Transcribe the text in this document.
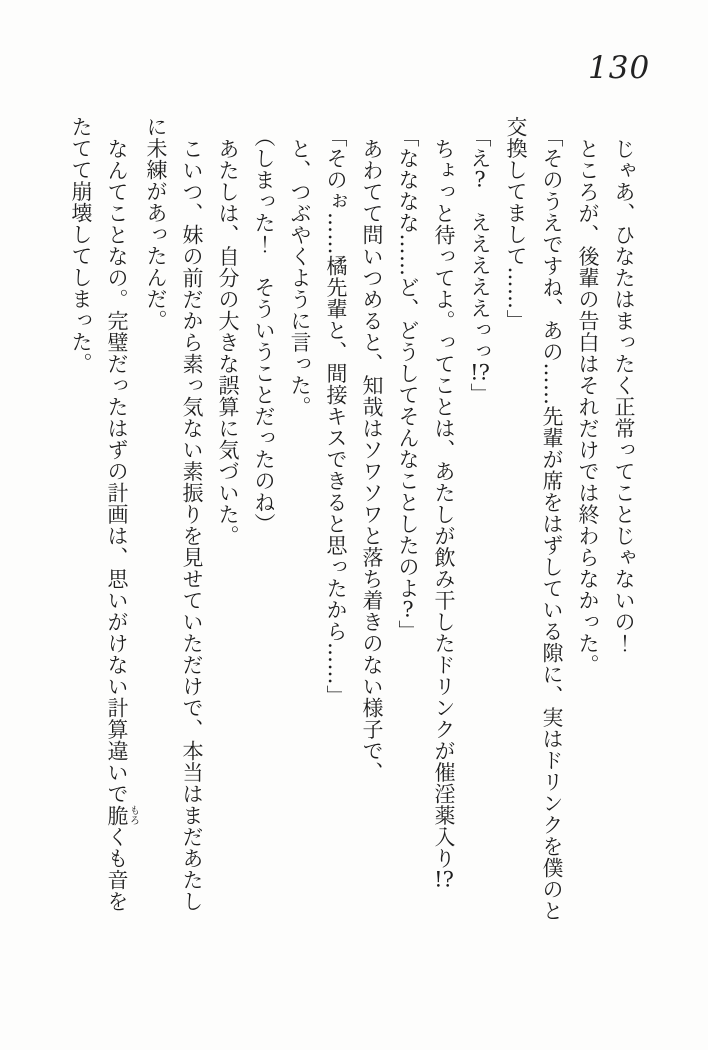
130

じゃあ、ひなたはまったく正常ってことじゃないの！

ところが、後輩の告白はそれだけでは終わらなかった。

「そのうえですね、あの……先輩が席をはずしている隙に、実はドリンクを僕のと交換してまして……」

「え?　えええええっっ!?」

ちょっと待ってよ。ってことは、あたしが飲み干したドリンクが催淫薬入り!?

「なななな……ど、どうしてそんなことしたのよ?」

あわてて問いつめると、知哉はソワソワと落ち着きのない様子で、

「そのぉ……橘先輩と、間接キスできると思ったから……」

と、つぶやくように言った。

（しまった！　そういうことだったのね）

あたしは、自分の大きな誤算に気づいた。

こいつ、妹の前だから素っ気ない素振りを見せていただけで、本当はまだあたしに未練があったんだ。

なんてことなの。完璧だったはずの計画は、思いがけない計算違いで脆もろくも音をたてて崩壊してしまった。
